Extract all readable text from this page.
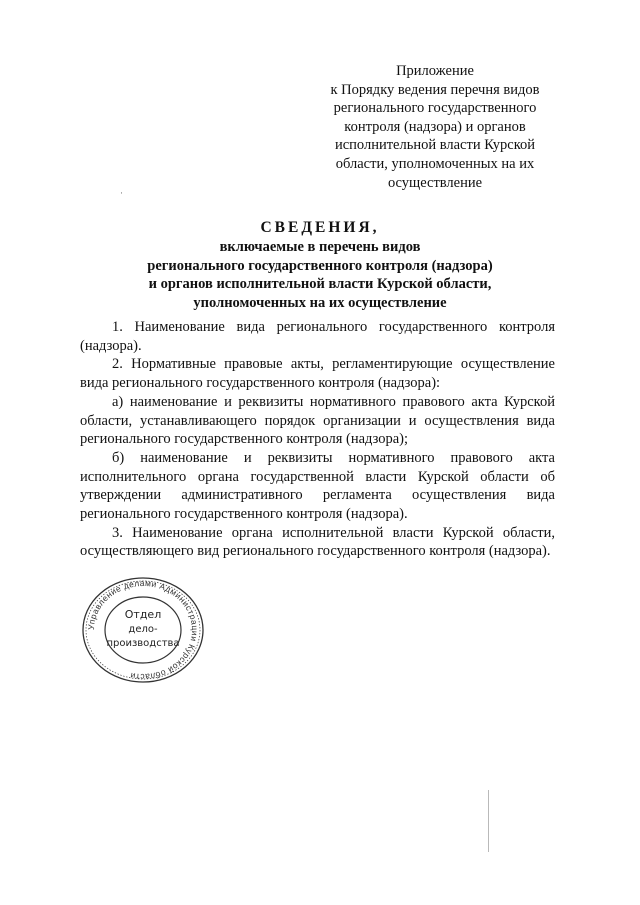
Приложение
к Порядку ведения перечня видов
регионального государственного
контроля (надзора) и органов
исполнительной власти Курской
области, уполномоченных на их
осуществление
·
СВЕДЕНИЯ,
включаемые в перечень видов
регионального государственного контроля (надзора)
и органов исполнительной власти Курской области,
уполномоченных на их осуществление

1. Наименование вида регионального государственного контроля (надзора).

2. Нормативные правовые акты, регламентирующие осуществление вида регионального государственного контроля (надзора):

а) наименование и реквизиты нормативного правового акта Курской области, устанавливающего порядок организации и осуществления вида регионального государственного контроля (надзора);

б) наименование и реквизиты нормативного правового акта исполнительного органа государственной власти Курской области об утверждении административного регламента осуществления вида регионального государственного контроля (надзора).

3. Наименование органа исполнительной власти Курской области, осуществляющего вид регионального государственного контроля (надзора).

Управление делами Администрации Курской области
Отдел
дело-
производства
